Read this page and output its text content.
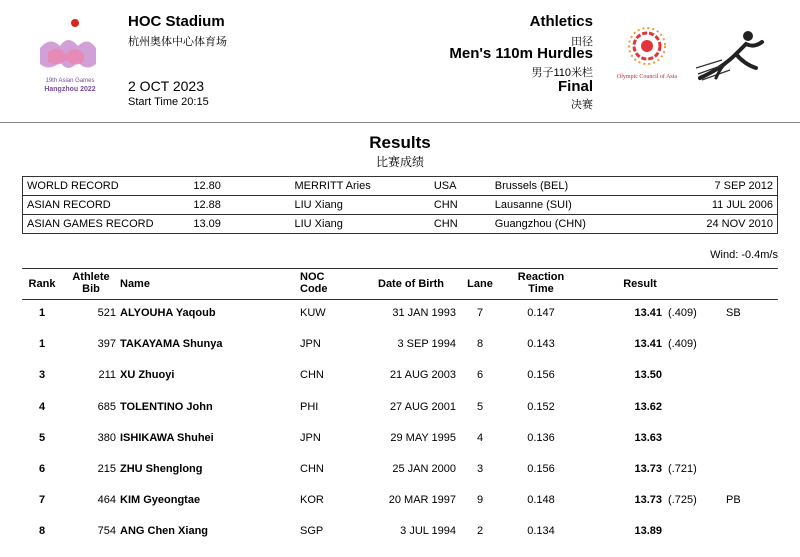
19th Asian Games
Hangzhou 2022
HOC Stadium
杭州奥体中心体育场
2 OCT 2023
Start Time 20:15
Athletics
田径
Men's 110m Hurdles
男子110米栏
Final
决赛
Olympic Council of Asia
Results
比赛成绩
WORLD RECORD	12.80	MERRITT Aries	USA	Brussels (BEL)	7 SEP 2012
ASIAN RECORD	12.88	LIU Xiang	CHN	Lausanne (SUI)	11 JUL 2006
ASIAN GAMES RECORD	13.09	LIU Xiang	CHN	Guangzhou (CHN)	24 NOV 2010
Wind: -0.4m/s
Rank
Athlete
Bib	Name
NOC
Code	Date of Birth	Lane
Reaction
Time	Result
1	521 ALYOUHA Yaqoub	KUW	31 JAN 1993	7	0.147	13.41 (.409)	SB
1	397 TAKAYAMA Shunya	JPN	3 SEP 1994	8	0.143	13.41 (.409)
3	211 XU Zhuoyi	CHN	21 AUG 2003	6	0.156	13.50
4	685 TOLENTINO John	PHI	27 AUG 2001	5	0.152	13.62
5	380 ISHIKAWA Shuhei	JPN	29 MAY 1995	4	0.136	13.63
6	215 ZHU Shenglong	CHN	25 JAN 2000	3	0.156	13.73 (.721)
7	464 KIM Gyeongtae	KOR	20 MAR 1997	9	0.148	13.73 (.725)	PB
8	754 ANG Chen Xiang	SGP	3 JUL 1994	2	0.134	13.89
